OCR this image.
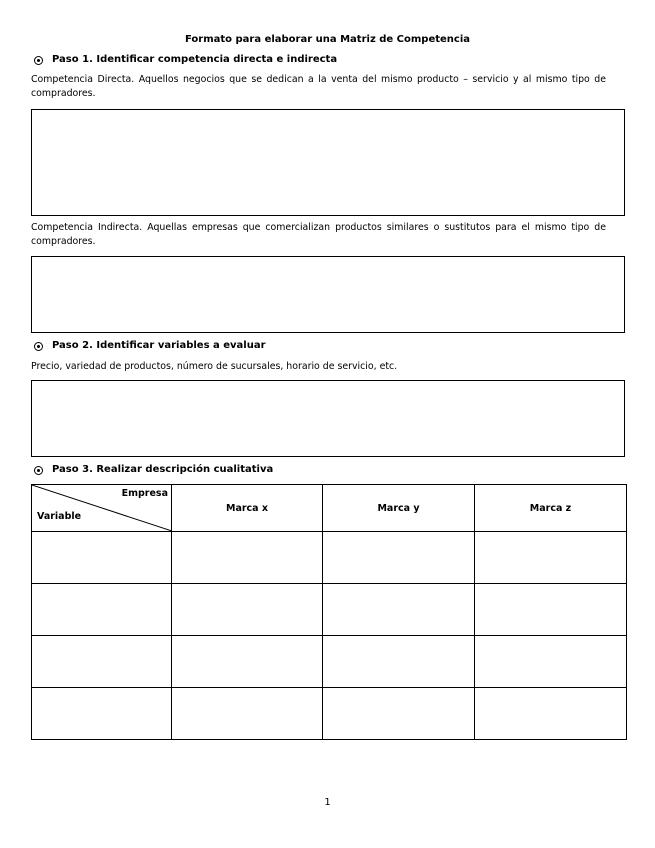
Formato para elaborar una Matriz de Competencia
Paso 1. Identificar competencia directa e indirecta
Competencia Directa. Aquellos negocios que se dedican a la venta del mismo producto – servicio y al mismo tipo de compradores.
Competencia Indirecta. Aquellas empresas que comercializan productos similares o sustitutos para el mismo tipo de compradores.
Paso 2. Identificar variables a evaluar
Precio, variedad de productos, número de sucursales, horario de servicio, etc.
Paso 3. Realizar descripción cualitativa
Empresa
Variable	Marca x	Marca y	Marca z

1
